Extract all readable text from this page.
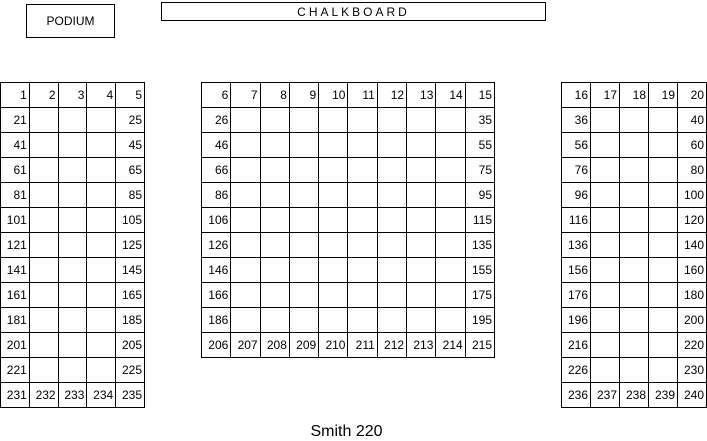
PODIUM
CHALKBOARD
1	2	3	4	5
21				25
41				45
61				65
81				85
101				105
121				125
141				145
161				165
181				185
201				205
221				225
231	232	233	234	235
6	7	8	9	10	11	12	13	14	15
26									35
46									55
66									75
86									95
106									115
126									135
146									155
166									175
186									195
206	207	208	209	210	211	212	213	214	215
16	17	18	19	20
36				40
56				60
76				80
96				100
116				120
136				140
156				160
176				180
196				200
216				220
226				230
236	237	238	239	240
Smith 220
